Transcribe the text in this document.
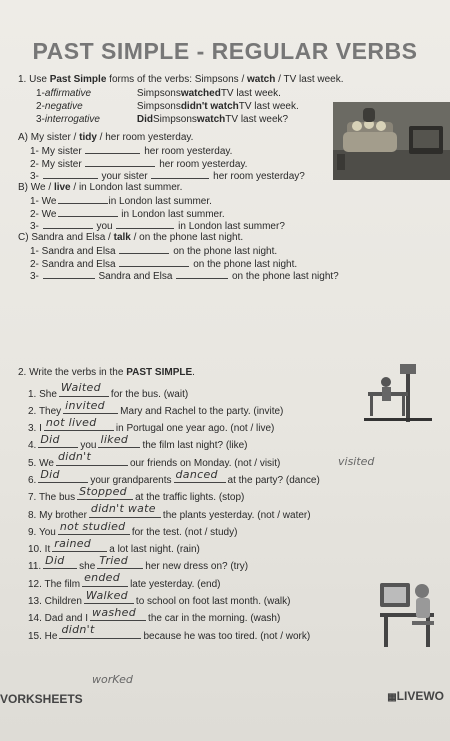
PAST SIMPLE - REGULAR VERBS
1. Use Past Simple forms of the verbs: Simpsons / watch / TV last week.
1- affirmative	Simpsons watched TV last week.
2- negative	Simpsons didn't watch TV last week.
3- interrogative	Did Simpsons watch TV last week?
A) My sister / tidy / her room yesterday.
1- My sister	her room yesterday.
2- My sister	her room yesterday.
3-	your sister	her room yesterday?
B) We / live / in London last summer.
1- We	in London last summer.
2- We	in London last summer.
3-	you	in London last summer?
C) Sandra and Elsa / talk / on the phone last night.
1- Sandra and Elsa	on the phone last night.
2- Sandra and Elsa	on the phone last night.
3-	Sandra and Elsa	on the phone last night?
2. Write the verbs in the PAST SIMPLE.
1. She Waited for the bus. (wait)
2. They invited Mary and Rachel to the party. (invite)
3. I not lived in Portugal one year ago. (not / live)
4. Did you liked the film last night? (like)
5. We didn't	our friends on Monday. (not / visit)
6. Did	your grandparents danced at the party? (dance)
7. The bus Stopped at the traffic lights. (stop)
8. My brother didn't wate the plants yesterday. (not / water)
9. You not studied for the test. (not / study)
10. It rained a lot last night. (rain)
11. Did she Tried her new dress on? (try)
12. The film ended late yesterday. (end)
13. Children Walked to school on foot last month. (walk)
14. Dad and I washed the car in the morning. (wash)
15. He didn't	because he was too tired. (not / work)
visited
worKed
VORKSHEETS	▦LIVEWO
